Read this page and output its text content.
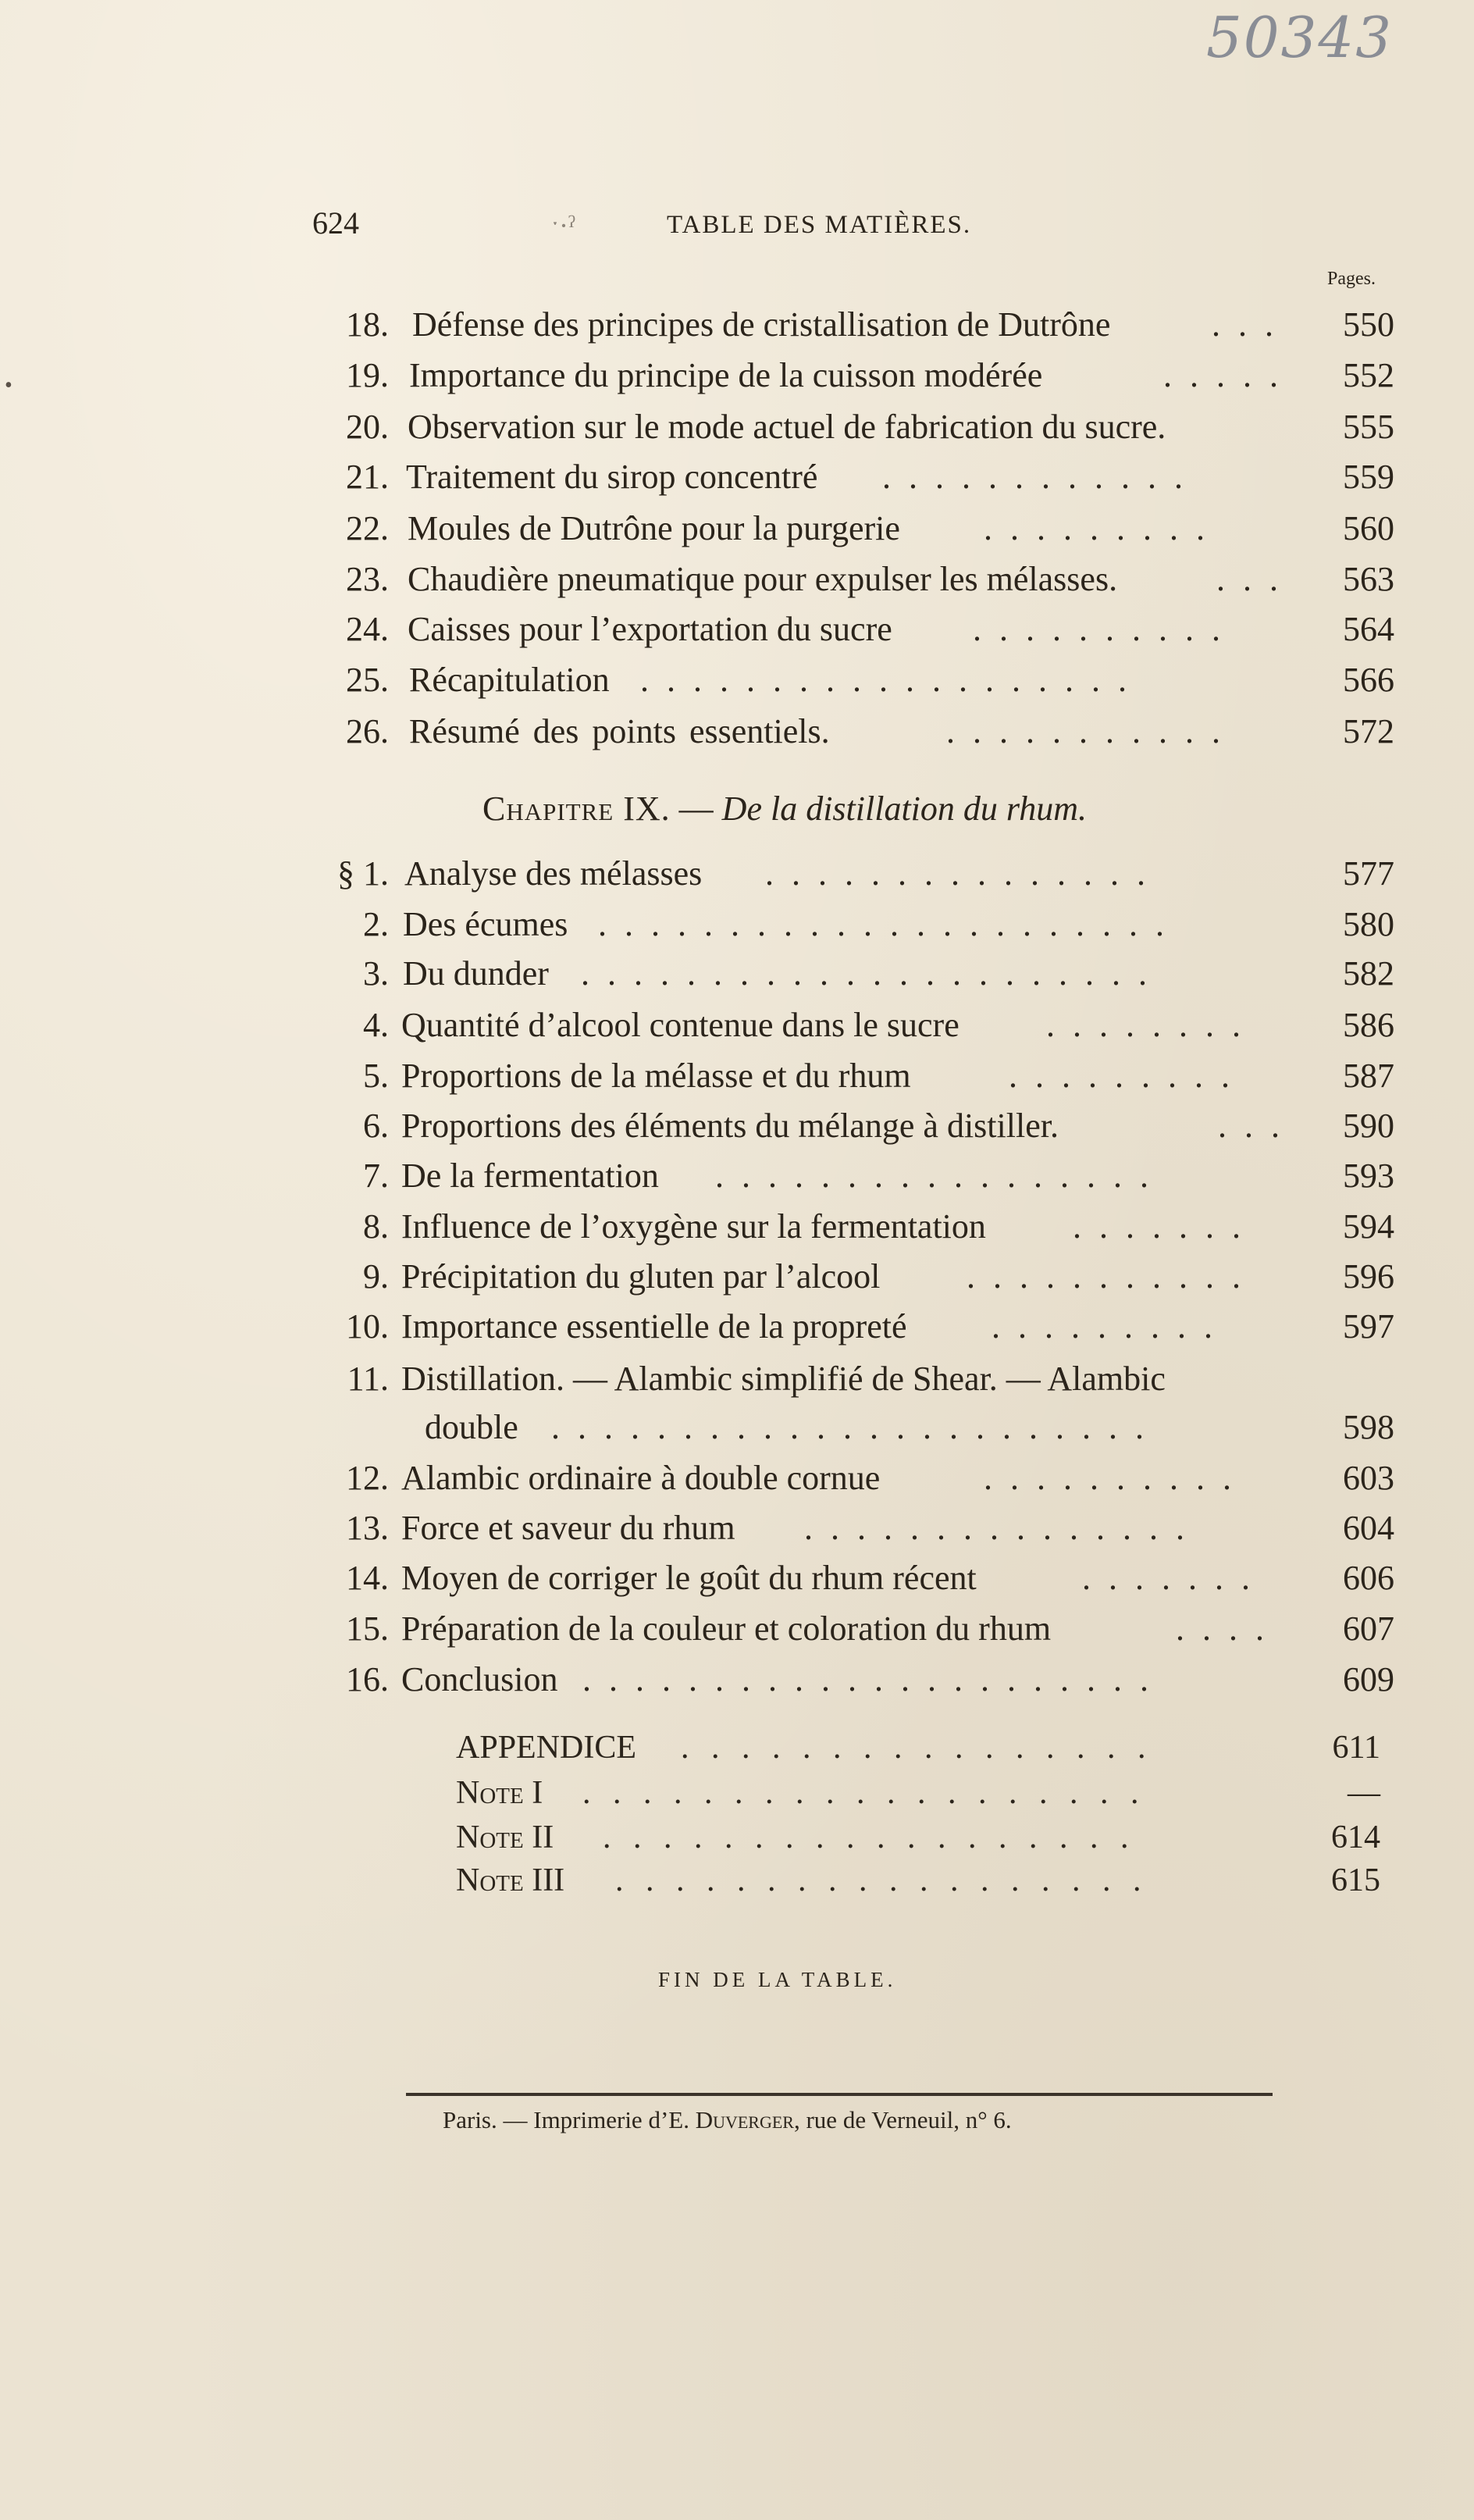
50343
624	ˑ·ˀ	TABLE DES MATIÈRES.
Pages.
•
18. Défense des principes de cristallisation de Dutrône	. . . 550
19. Importance du principe de la cuisson modérée	. . . . . 552
20. Observation sur le mode actuel de fabrication du sucre.	555
21. Traitement du sirop concentré . . . . . . . . . . . .	559
22. Moules de Dutrône pour la purgerie . . . . . . . . .	560
23. Chaudière pneumatique pour expulser les mélasses.	. . . 563
24. Caisses pour l’exportation du sucre . . . . . . . . . .	564
25. Récapitulation . . . . . . . . . . . . . . . . . . .	566
26. Résumé des points essentiels.	. . . . . . . . . . .	572
Chapitre IX. — De la distillation du rhum.
§ 1. Analyse des mélasses . . . . . . . . . . . . . . .	577
2. Des écumes . . . . . . . . . . . . . . . . . . . . . .	580
3. Du dunder . . . . . . . . . . . . . . . . . . . . . .	582
4. Quantité d’alcool contenue dans le sucre	. . . . . . . .	586
5. Proportions de la mélasse et du rhum	. . . . . . . . .	587
6. Proportions des éléments du mélange à distiller.	. . . 590
7. De la fermentation . . . . . . . . . . . . . . . . .	593
8. Influence de l’oxygène sur la fermentation	. . . . . . .	594
9. Précipitation du gluten par l’alcool	. . . . . . . . . . .	596
10. Importance essentielle de la propreté . . . . . . . . .	597
11. Distillation. — Alambic simplifié de Shear. — Alambic
double . . . . . . . . . . . . . . . . . . . . . . .	598
12. Alambic ordinaire à double cornue	. . . . . . . . . .	603
13. Force et saveur du rhum . . . . . . . . . . . . . . .	604
14. Moyen de corriger le goût du rhum récent	. . . . . . .	606
15. Préparation de la couleur et coloration du rhum	. . . . 607
16. Conclusion . . . . . . . . . . . . . . . . . . . . . .	609
APPENDICE . . . . . . . . . . . . . . . .	611
Note I . . . . . . . . . . . . . . . . . . .	—
Note II . . . . . . . . . . . . . . . . . .	614
Note III . . . . . . . . . . . . . . . . . .	615
FIN DE LA TABLE.
Paris. — Imprimerie d’E. Duverger, rue de Verneuil, n° 6.
